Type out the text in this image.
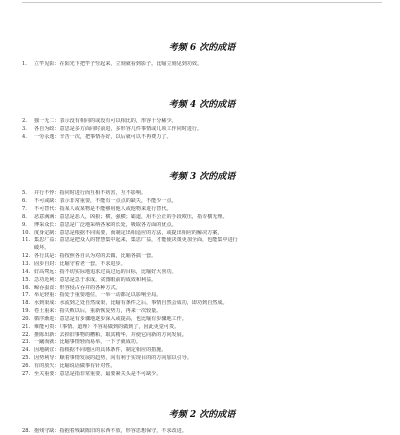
考频 6 次的成语
1.	立竿见影：在阳光下把竿子竖起来，立刻就看到影子。比喻立刻见到功效。
考频 4 次的成语
2.	独一无二：表示没有相同的或没有可以相比的，形容十分稀少。
3.	各自为政：意思是多方面同时前进，多形容几件事情或几项工作同时进行。
4.	一劳永逸：辛苦一次，把事情办好，以后就可以不再费力了。
考频 3 次的成语
5.	并行不悖：指同时进行而互相不妨害，互不影响。
6.	不可或缺：表示非常重要，不能有一点点的缺失，不能少一点。
7.	不可替代：指某人或某物是不能够用他人或他物来进行替代。
8.	恶意满满：意思是恶人，凶狠；横，强横；霸道，用不公正的手段欺压，指专横无理。
9.	博采众长：意思是广泛地采纳各家的长处，吸取各方面的优点。
10. 度身定制：意思是根据不同需要，而制定出相适应的方法，或提出相应的解决方案。
11. 集思广益：意思是把众人的智慧集中起来，集思广益，才能使决策更加全面，也能集中进行
破坏。
12. 各行其是：指按照各自认为对的去做，比喻各搞一套。
13. 固步自封：比喻守着老一套，不求进步。
14. 好高骛远：指不切实际地追求过高过远的目标，比喻好大喜功。
15. 急功近利：意思是急于求成，贪图眼前的成效和利益。
16. 鲸吞蚕食：形容侵占吞并的各种方式。
17. 举足轻重：指处于重要地位，一举一动都足以影响全局。
18. 水到渠成：水流到之处自然成渠，比喻有条件之后，事情自然会成功，即功到自然成。
19. 卷土重来：指失败以后，重新恢复势力，再来一次较量。
20. 循序渐进：意思是有步骤地逐步深入或提高，也比喻有步骤地工作。
21. 难能可贵：（事情、道理）不容易做到的做到了，因此更觉可贵。
22. 推陈出新：去掉旧事物的糟粕，取其精华，并使它向新的方向发展。
23. 一蹴而就：比喻事情轻而易举，一下子就成功。
24. 因地制宜：指根据不同地区的具体条件，制定相应的措施。
25. 因势利导：顺着事情发展的趋势，向有利于实现目的的方向加以引导。
26. 有的放矢：比喻说话做事有针对性。
27. 至关重要：意思是指非常重要，最要紧关头是不可缺少。
考频 2 次的成语
28. 抱残守缺：指抱着残缺陈旧的东西不放，形容思想保守，不求改进。
